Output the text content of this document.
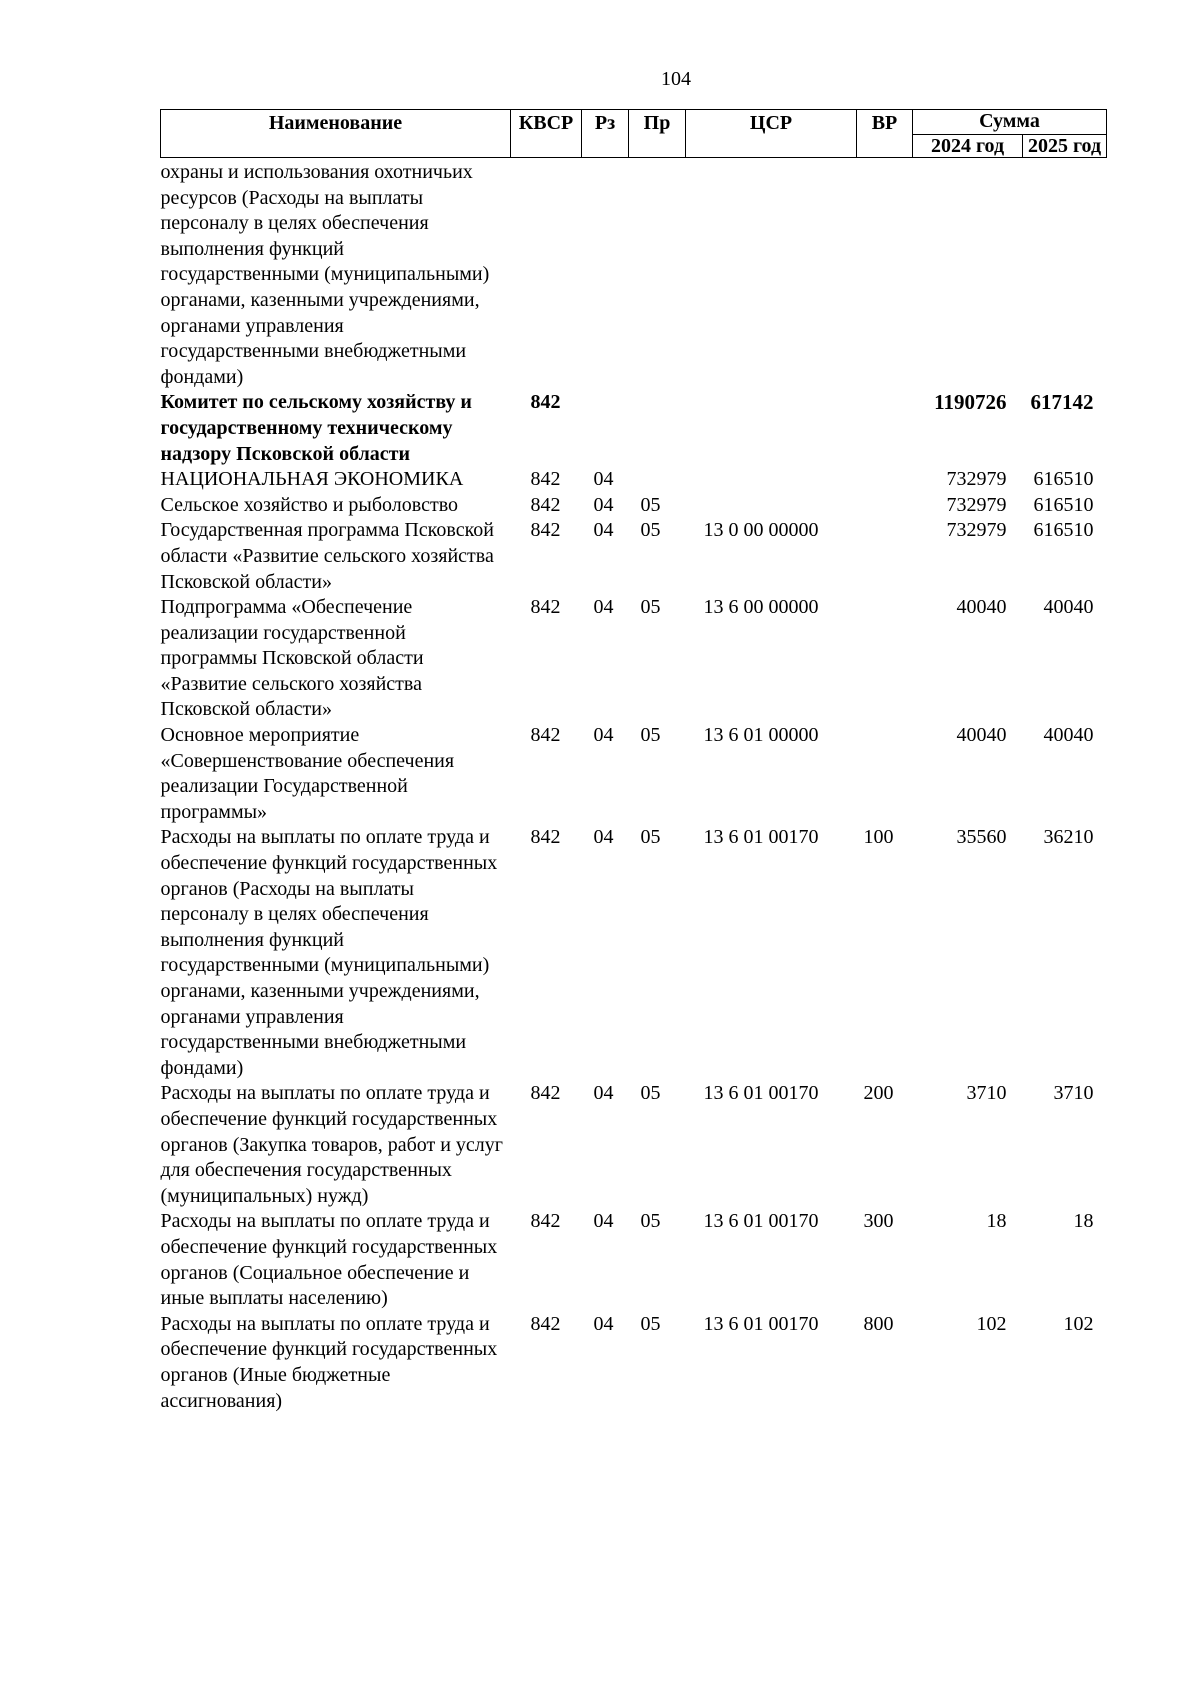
104
Наименование	КВСР	Рз	Пр	ЦСР	ВР	Сумма	
						2024 год	2025 год
охраны и использования охотничьих ресурсов (Расходы на выплаты персоналу в целях обеспечения выполнения функций государственными (муниципальными) органами, казенными учреждениями, органами управления государственными внебюджетными фондами)							
Комитет по сельскому хозяйству и государственному техническому надзору Псковской области	842					1190726	617142
НАЦИОНАЛЬНАЯ ЭКОНОМИКА	842	04				732979	616510
Сельское хозяйство и рыболовство	842	04	05			732979	616510
Государственная программа Псковской области «Развитие сельского хозяйства Псковской области»	842	04	05	13 0 00 00000		732979	616510
Подпрограмма «Обеспечение реализации государственной программы Псковской области «Развитие сельского хозяйства Псковской области»	842	04	05	13 6 00 00000		40040	40040
Основное мероприятие «Совершенствование обеспечения реализации Государственной программы»	842	04	05	13 6 01 00000		40040	40040
Расходы на выплаты по оплате труда и обеспечение функций государственных органов (Расходы на выплаты персоналу в целях обеспечения выполнения функций государственными (муниципальными) органами, казенными учреждениями, органами управления государственными внебюджетными фондами)	842	04	05	13 6 01 00170	100	35560	36210
Расходы на выплаты по оплате труда и обеспечение функций государственных органов (Закупка товаров, работ и услуг для обеспечения государственных (муниципальных) нужд)	842	04	05	13 6 01 00170	200	3710	3710
Расходы на выплаты по оплате труда и обеспечение функций государственных органов (Социальное обеспечение и иные выплаты населению)	842	04	05	13 6 01 00170	300	18	18
Расходы на выплаты по оплате труда и обеспечение функций государственных органов (Иные бюджетные ассигнования)	842	04	05	13 6 01 00170	800	102	102
